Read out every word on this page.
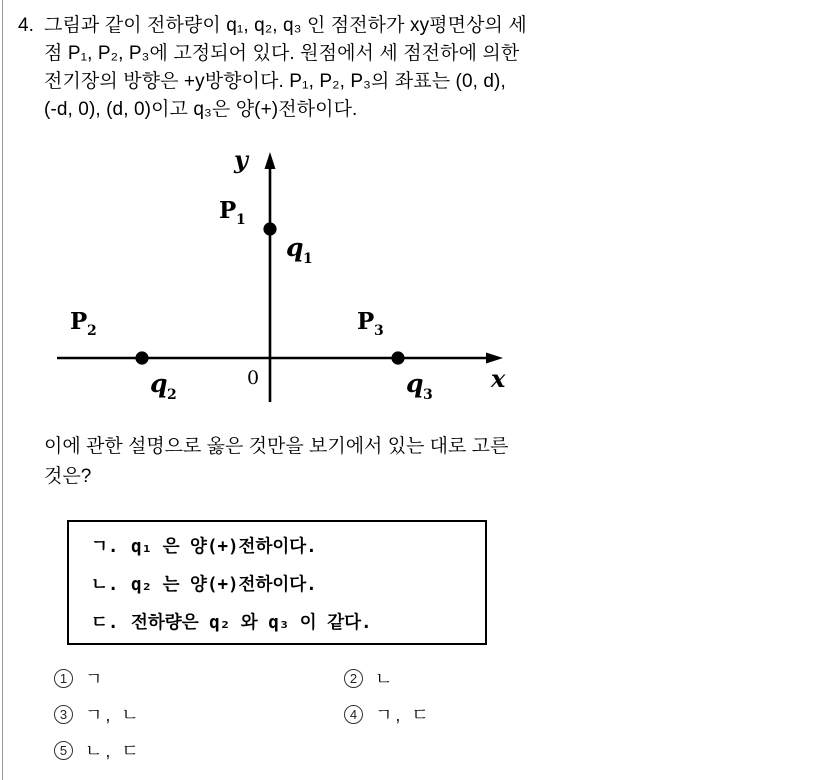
4. 그림과 같이 전하량이 q₁, q₂, q₃ 인 점전하가 xy평면상의 세
점 P₁, P₂, P₃에 고정되어 있다. 원점에서 세 점전하에 의한
전기장의 방향은 +y방향이다. P₁, P₂, P₃의 좌표는 (0, d),
(-d, 0), (d, 0)이고 q₃은 양(+)전하이다.
y
x
0
P 1
q 1
P 2
q 2
P 3
q 3
이에 관한 설명으로 옳은 것만을 보기에서 있는 대로 고른
것은?
ㄱ. q₁ 은 양(+)전하이다.
ㄴ. q₂ 는 양(+)전하이다.
ㄷ. 전하량은 q₂ 와 q₃ 이 같다.
1 ㄱ	2 ㄴ
3 ㄱ, ㄴ	4 ㄱ, ㄷ
5 ㄴ, ㄷ
